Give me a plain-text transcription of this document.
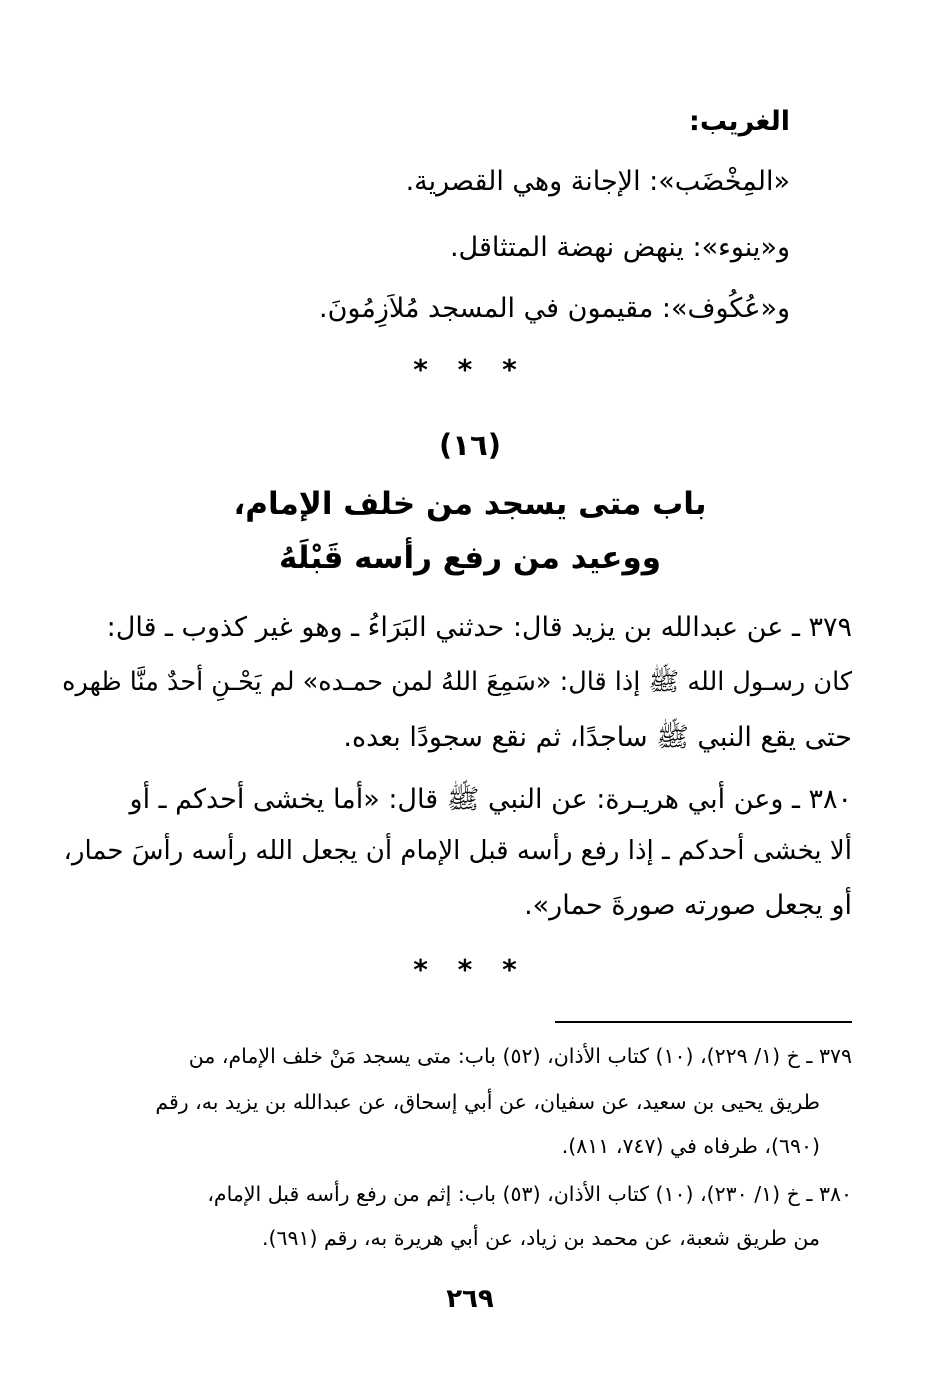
الغريب:
«المِخْضَب»: الإجانة وهي القصرية.
و«ينوء»: ينهض نهضة المتثاقل.
و«عُكُوف»: مقيمون في المسجد مُلاَزِمُونَ.
* * *
(١٦)
باب متى يسجد من خلف الإمام،
ووعيد من رفع رأسه قَبْلَهُ
٣٧٩ ـ عن عبدالله بن يزيد قال: حدثني البَرَاءُ ـ وهو غير كذوب ـ قال:
كان رسـول الله ﷺ إذا قال: «سَمِعَ اللهُ لمن حمـده» لم يَحْـنِ أحدٌ منَّا ظهره
حتى يقع النبي ﷺ ساجدًا، ثم نقع سجودًا بعده.
٣٨٠ ـ وعن أبي هريـرة: عن النبي ﷺ قال: «أما يخشى أحدكم ـ أو
ألا يخشى أحدكم ـ إذا رفع رأسه قبل الإمام أن يجعل الله رأسه رأسَ حمار،
أو يجعل صورته صورةَ حمار».
* * *
٣٧٩ ـ خ (١/ ٢٢٩)، (١٠) كتاب الأذان، (٥٢) باب: متى يسجد مَنْ خلف الإمام، من
طريق يحيى بن سعيد، عن سفيان، عن أبي إسحاق، عن عبدالله بن يزيد به، رقم
(٦٩٠)، طرفاه في (٧٤٧، ٨١١).
٣٨٠ ـ خ (١/ ٢٣٠)، (١٠) كتاب الأذان، (٥٣) باب: إثم من رفع رأسه قبل الإمام،
من طريق شعبة، عن محمد بن زياد، عن أبي هريرة به، رقم (٦٩١).
٢٦٩
